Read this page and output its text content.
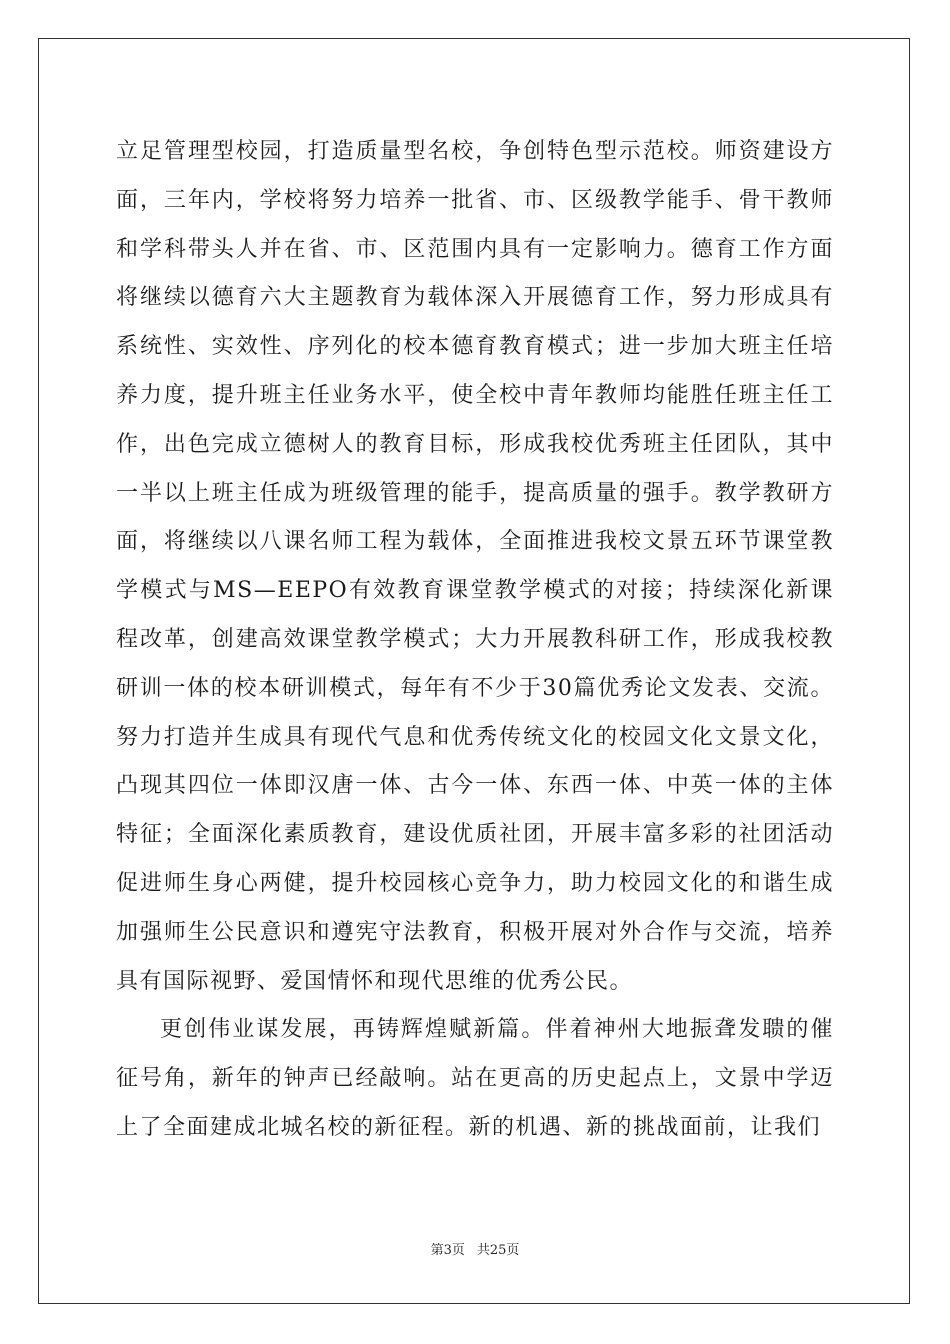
立足管理型校园，打造质量型名校，争创特色型示范校。师资建设方面，三年内，学校将努力培养一批省、市、区级教学能手、骨干教师和学科带头人并在省、市、区范围内具有一定影响力。德育工作方面将继续以德育六大主题教育为载体深入开展德育工作，努力形成具有系统性、实效性、序列化的校本德育教育模式；进一步加大班主任培养力度，提升班主任业务水平，使全校中青年教师均能胜任班主任工作，出色完成立德树人的教育目标，形成我校优秀班主任团队，其中一半以上班主任成为班级管理的能手，提高质量的强手。教学教研方面，将继续以八课名师工程为载体，全面推进我校文景五环节课堂教学模式与MS—EEPO有效教育课堂教学模式的对接；持续深化新课程改革，创建高效课堂教学模式；大力开展教科研工作，形成我校教研训一体的校本研训模式，每年有不少于30篇优秀论文发表、交流。努力打造并生成具有现代气息和优秀传统文化的校园文化文景文化，凸现其四位一体即汉唐一体、古今一体、东西一体、中英一体的主体特征；全面深化素质教育，建设优质社团，开展丰富多彩的社团活动促进师生身心两健，提升校园核心竞争力，助力校园文化的和谐生成加强师生公民意识和遵宪守法教育，积极开展对外合作与交流，培养具有国际视野、爱国情怀和现代思维的优秀公民。

更创伟业谋发展，再铸辉煌赋新篇。伴着神州大地振聋发聩的催征号角，新年的钟声已经敲响。站在更高的历史起点上，文景中学迈上了全面建成北城名校的新征程。新的机遇、新的挑战面前，让我们

第3页 共25页
